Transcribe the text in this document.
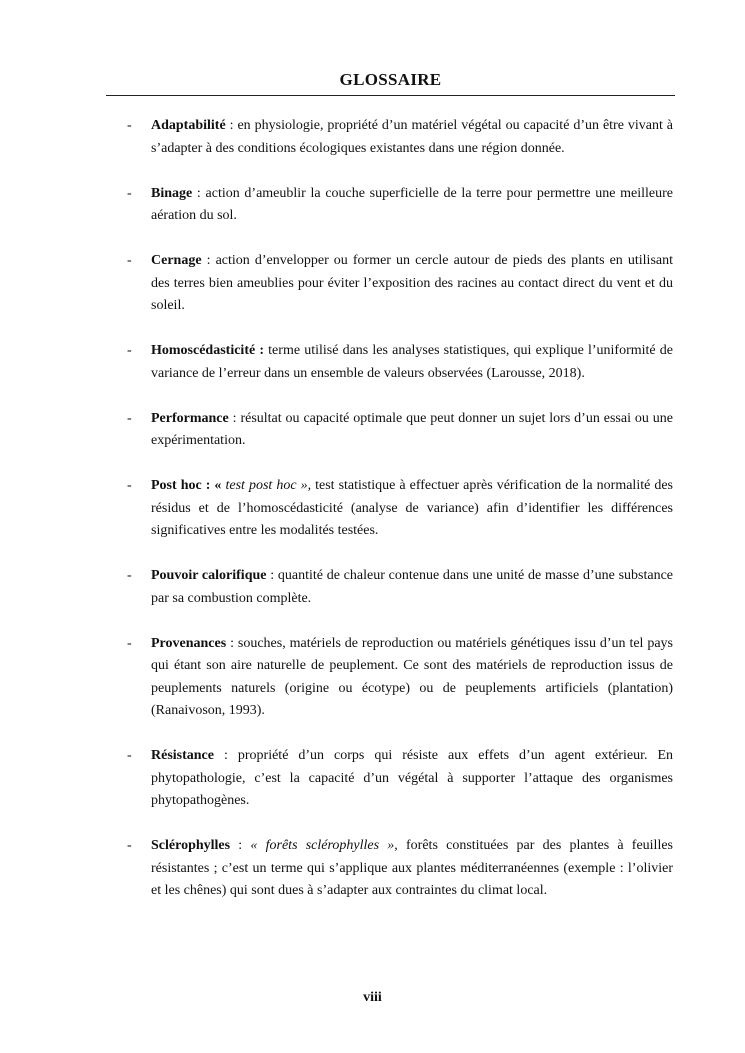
GLOSSAIRE
- Adaptabilité : en physiologie, propriété d’un matériel végétal ou capacité d’un être vivant à s’adapter à des conditions écologiques existantes dans une région donnée.
- Binage : action d’ameublir la couche superficielle de la terre pour permettre une meilleure aération du sol.
- Cernage : action d’envelopper ou former un cercle autour de pieds des plants en utilisant des terres bien ameublies pour éviter l’exposition des racines au contact direct du vent et du soleil.
- Homoscédasticité : terme utilisé dans les analyses statistiques, qui explique l’uniformité de variance de l’erreur dans un ensemble de valeurs observées (Larousse, 2018).
- Performance : résultat ou capacité optimale que peut donner un sujet lors d’un essai ou une expérimentation.
- Post hoc : « test post hoc », test statistique à effectuer après vérification de la normalité des résidus et de l’homoscédasticité (analyse de variance) afin d’identifier les différences significatives entre les modalités testées.
- Pouvoir calorifique : quantité de chaleur contenue dans une unité de masse d’une substance par sa combustion complète.
- Provenances : souches, matériels de reproduction ou matériels génétiques issu d’un tel pays qui étant son aire naturelle de peuplement. Ce sont des matériels de reproduction issus de peuplements naturels (origine ou écotype) ou de peuplements artificiels (plantation) (Ranaivoson, 1993).
- Résistance : propriété d’un corps qui résiste aux effets d’un agent extérieur. En phytopathologie, c’est la capacité d’un végétal à supporter l’attaque des organismes phytopathogènes.
- Sclérophylles : « forêts sclérophylles », forêts constituées par des plantes à feuilles résistantes ; c’est un terme qui s’applique aux plantes méditerranéennes (exemple : l’olivier et les chênes) qui sont dues à s’adapter aux contraintes du climat local.
viii
